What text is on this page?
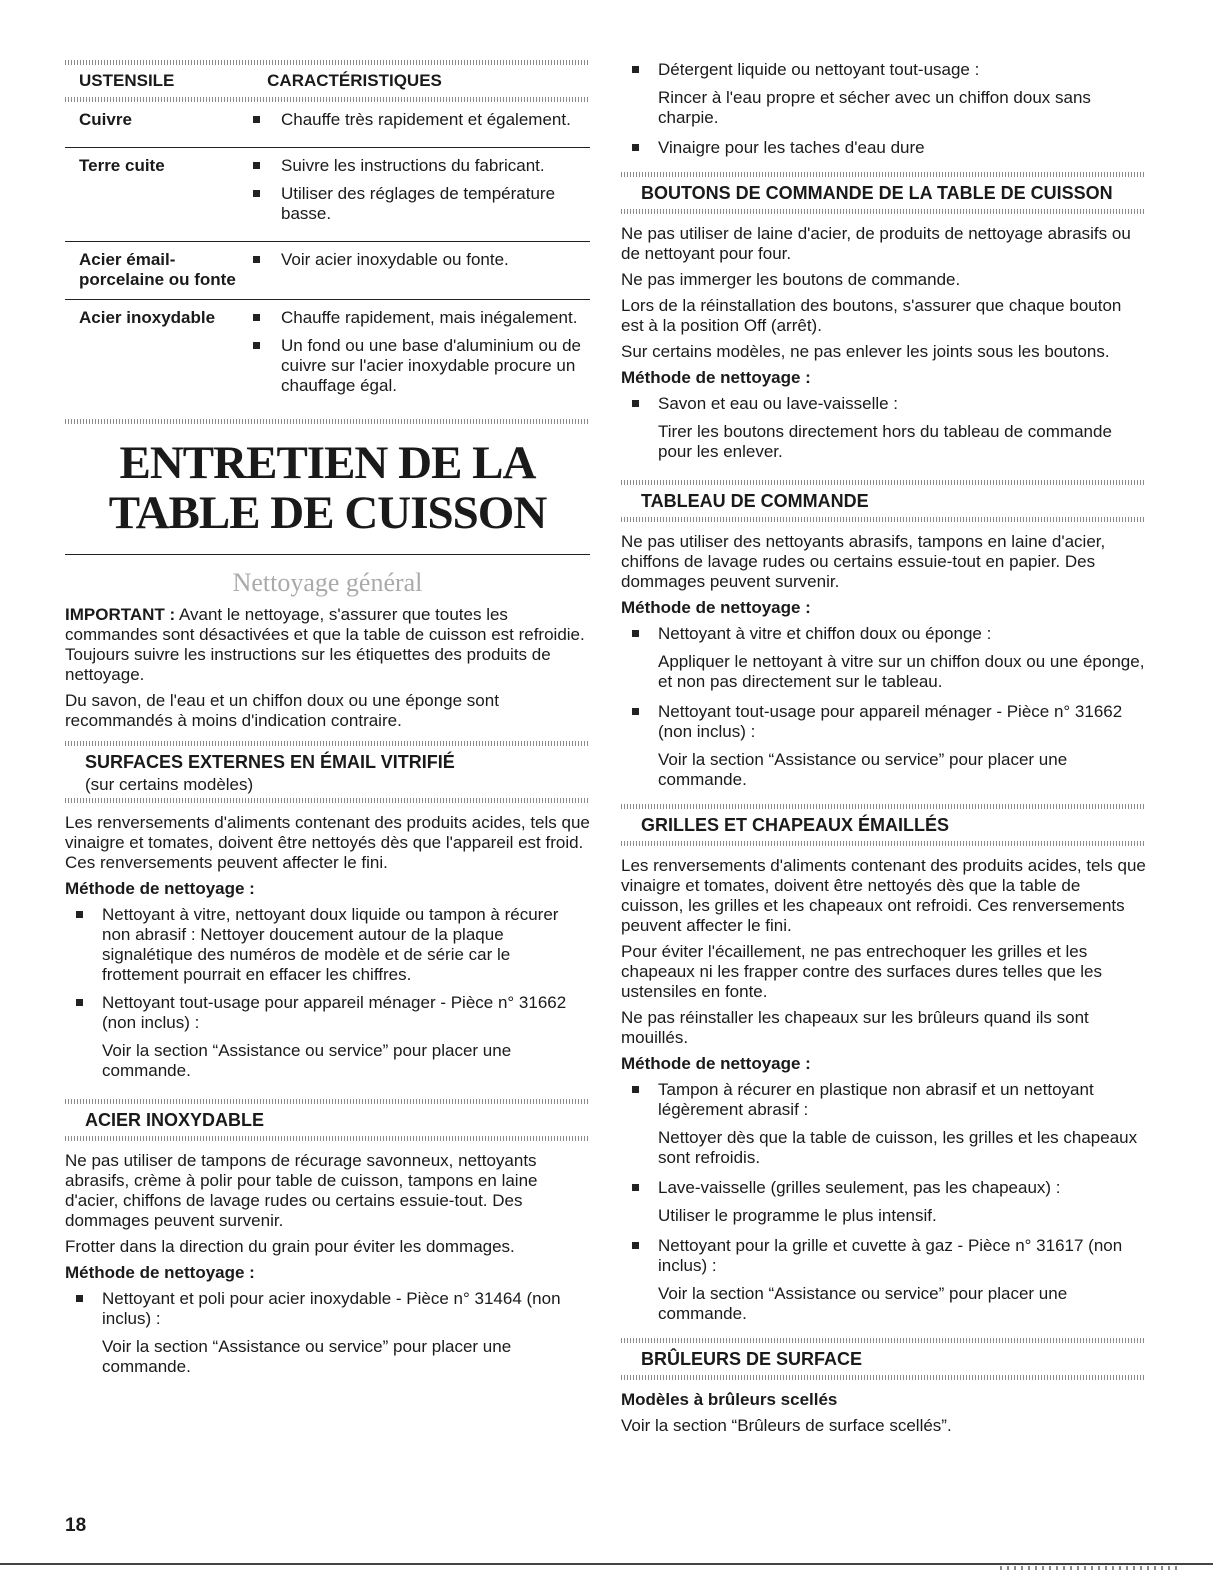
USTENSILE	CARACTÉRISTIQUES
Cuivre	Chauffe très rapidement et également.

Terre cuite	Suivre les instructions du fabricant.
Utiliser des réglages de température basse.

Acier émail-porcelaine ou fonte	Voir acier inoxydable ou fonte.

Acier inoxydable	Chauffe rapidement, mais inégalement.
Un fond ou une base d'aluminium ou de cuivre sur l'acier inoxydable procure un chauffage égal.
ENTRETIEN DE LA TABLE DE CUISSON
Nettoyage général

IMPORTANT : Avant le nettoyage, s'assurer que toutes les commandes sont désactivées et que la table de cuisson est refroidie. Toujours suivre les instructions sur les étiquettes des produits de nettoyage.

Du savon, de l'eau et un chiffon doux ou une éponge sont recommandés à moins d'indication contraire.

SURFACES EXTERNES EN ÉMAIL VITRIFIÉ
(sur certains modèles)

Les renversements d'aliments contenant des produits acides, tels que vinaigre et tomates, doivent être nettoyés dès que l'appareil est froid. Ces renversements peuvent affecter le fini.

Méthode de nettoyage :
Nettoyant à vitre, nettoyant doux liquide ou tampon à récurer non abrasif : Nettoyer doucement autour de la plaque signalétique des numéros de modèle et de série car le frottement pourrait en effacer les chiffres.
Nettoyant tout-usage pour appareil ménager - Pièce n° 31662 (non inclus) :
Voir la section “Assistance ou service” pour placer une commande.
ACIER INOXYDABLE

Ne pas utiliser de tampons de récurage savonneux, nettoyants abrasifs, crème à polir pour table de cuisson, tampons en laine d'acier, chiffons de lavage rudes ou certains essuie-tout. Des dommages peuvent survenir.

Frotter dans la direction du grain pour éviter les dommages.

Méthode de nettoyage :
Nettoyant et poli pour acier inoxydable - Pièce n° 31464 (non inclus) :
Voir la section “Assistance ou service” pour placer une commande.
Détergent liquide ou nettoyant tout-usage :
Rincer à l'eau propre et sécher avec un chiffon doux sans charpie.
Vinaigre pour les taches d'eau dure
BOUTONS DE COMMANDE DE LA TABLE DE CUISSON

Ne pas utiliser de laine d'acier, de produits de nettoyage abrasifs ou de nettoyant pour four.

Ne pas immerger les boutons de commande.

Lors de la réinstallation des boutons, s'assurer que chaque bouton est à la position Off (arrêt).

Sur certains modèles, ne pas enlever les joints sous les boutons.

Méthode de nettoyage :
Savon et eau ou lave-vaisselle :
Tirer les boutons directement hors du tableau de commande pour les enlever.
TABLEAU DE COMMANDE

Ne pas utiliser des nettoyants abrasifs, tampons en laine d'acier, chiffons de lavage rudes ou certains essuie-tout en papier. Des dommages peuvent survenir.

Méthode de nettoyage :
Nettoyant à vitre et chiffon doux ou éponge :
Appliquer le nettoyant à vitre sur un chiffon doux ou une éponge, et non pas directement sur le tableau.
Nettoyant tout-usage pour appareil ménager - Pièce n° 31662 (non inclus) :
Voir la section “Assistance ou service” pour placer une commande.
GRILLES ET CHAPEAUX ÉMAILLÉS

Les renversements d'aliments contenant des produits acides, tels que vinaigre et tomates, doivent être nettoyés dès que la table de cuisson, les grilles et les chapeaux ont refroidi. Ces renversements peuvent affecter le fini.

Pour éviter l'écaillement, ne pas entrechoquer les grilles et les chapeaux ni les frapper contre des surfaces dures telles que les ustensiles en fonte.

Ne pas réinstaller les chapeaux sur les brûleurs quand ils sont mouillés.

Méthode de nettoyage :
Tampon à récurer en plastique non abrasif et un nettoyant légèrement abrasif :
Nettoyer dès que la table de cuisson, les grilles et les chapeaux sont refroidis.
Lave-vaisselle (grilles seulement, pas les chapeaux) :
Utiliser le programme le plus intensif.
Nettoyant pour la grille et cuvette à gaz - Pièce n° 31617 (non inclus) :
Voir la section “Assistance ou service” pour placer une commande.
BRÛLEURS DE SURFACE
Modèles à brûleurs scellés

Voir la section “Brûleurs de surface scellés”.

18
